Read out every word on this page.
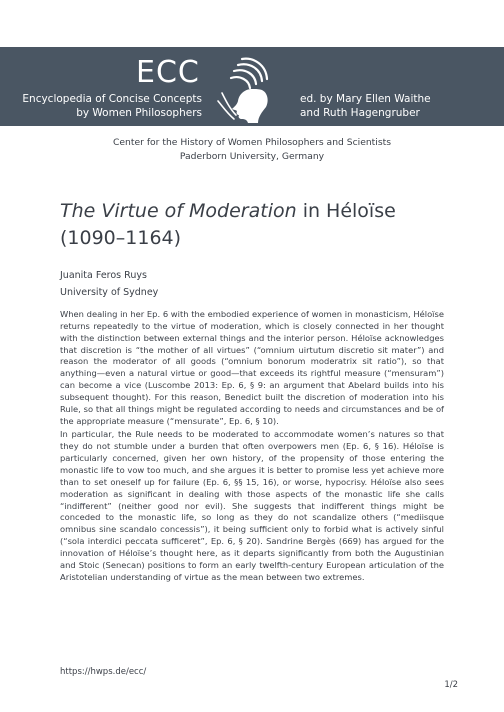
ECC
Encyclopedia of Concise Concepts
by Women Philosophers
ed. by Mary Ellen Waithe
and Ruth Hagengruber
Center for the History of Women Philosophers and Scientists
Paderborn University, Germany
The Virtue of Moderation in Héloïse
(1090–1164)
Juanita Feros Ruys
University of Sydney

When dealing in her Ep. 6 with the embodied experience of women in monasticism, Héloïse returns repeatedly to the virtue of moderation, which is closely connected in her thought with the distinction between external things and the interior person. Héloïse acknowledges that discretion is “the mother of all virtues” (“omnium uirtutum discretio sit mater”) and reason the moderator of all goods (“omnium bonorum moderatrix sit ratio”), so that anything—even a natural virtue or good—that exceeds its rightful measure (“mensuram”) can become a vice (Luscombe 2013: Ep. 6, § 9: an argument that Abelard builds into his subsequent thought). For this reason, Benedict built the discretion of moderation into his Rule, so that all things might be regulated according to needs and circumstances and be of the appropriate measure (“mensurate”, Ep. 6, § 10).

In particular, the Rule needs to be moderated to accommodate women’s natures so that they do not stumble under a burden that often overpowers men (Ep. 6, § 16). Héloïse is particularly concerned, given her own history, of the propensity of those entering the monastic life to vow too much, and she argues it is better to promise less yet achieve more than to set oneself up for failure (Ep. 6, §§ 15, 16), or worse, hypocrisy. Héloïse also sees moderation as significant in dealing with those aspects of the monastic life she calls “indifferent” (neither good nor evil). She suggests that indifferent things might be conceded to the monastic life, so long as they do not scandalize others (“mediisque omnibus sine scandalo concessis”), it being sufficient only to forbid what is actively sinful (“sola interdici peccata sufficeret”, Ep. 6, § 20). Sandrine Bergès (669) has argued for the innovation of Héloïse’s thought here, as it departs significantly from both the Augustinian and Stoic (Senecan) positions to form an early twelfth-century European articulation of the Aristotelian understanding of virtue as the mean between two extremes.

https://hwps.de/ecc/
1/2
